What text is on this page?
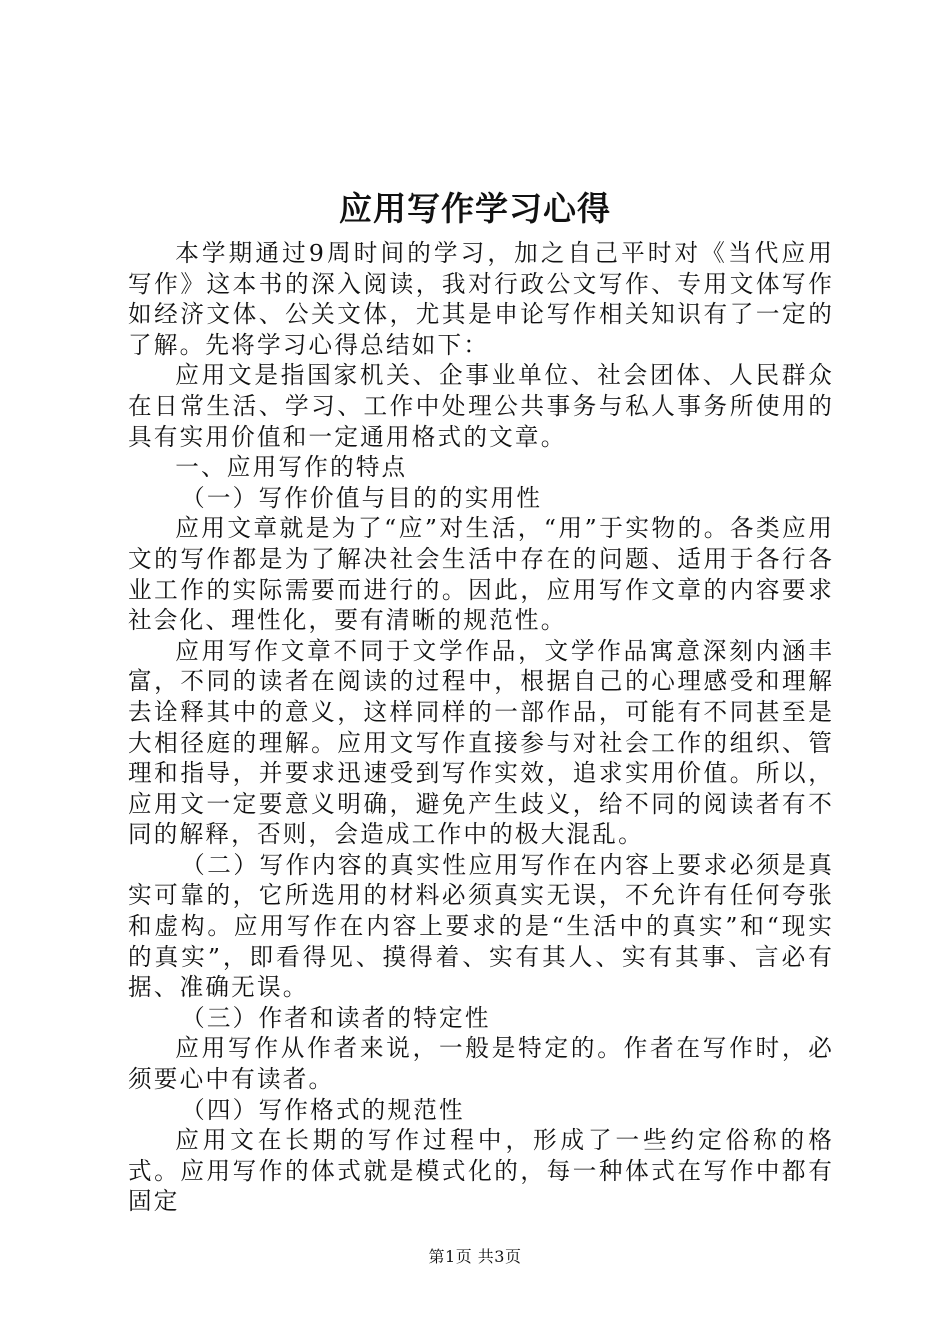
应用写作学习心得

本学期通过9周时间的学习，加之自己平时对《当代应用写作》这本书的深入阅读，我对行政公文写作、专用文体写作如经济文体、公关文体，尤其是申论写作相关知识有了一定的了解。先将学习心得总结如下：

应用文是指国家机关、企事业单位、社会团体、人民群众在日常生活、学习、工作中处理公共事务与私人事务所使用的具有实用价值和一定通用格式的文章。

一、应用写作的特点

（一）写作价值与目的的实用性

应用文章就是为了“应”对生活，“用”于实物的。各类应用文的写作都是为了解决社会生活中存在的问题、适用于各行各业工作的实际需要而进行的。因此，应用写作文章的内容要求社会化、理性化，要有清晰的规范性。

应用写作文章不同于文学作品，文学作品寓意深刻内涵丰富，不同的读者在阅读的过程中，根据自己的心理感受和理解去诠释其中的意义，这样同样的一部作品，可能有不同甚至是大相径庭的理解。应用文写作直接参与对社会工作的组织、管理和指导，并要求迅速受到写作实效，追求实用价值。所以，应用文一定要意义明确，避免产生歧义，给不同的阅读者有不同的解释，否则，会造成工作中的极大混乱。

（二）写作内容的真实性应用写作在内容上要求必须是真实可靠的，它所选用的材料必须真实无误，不允许有任何夸张和虚构。应用写作在内容上要求的是“生活中的真实”和“现实的真实”，即看得见、摸得着、实有其人、实有其事、言必有据、准确无误。

（三）作者和读者的特定性

应用写作从作者来说，一般是特定的。作者在写作时，必须要心中有读者。

（四）写作格式的规范性

应用文在长期的写作过程中，形成了一些约定俗称的格式。应用写作的体式就是模式化的，每一种体式在写作中都有固定

第1页 共3页
